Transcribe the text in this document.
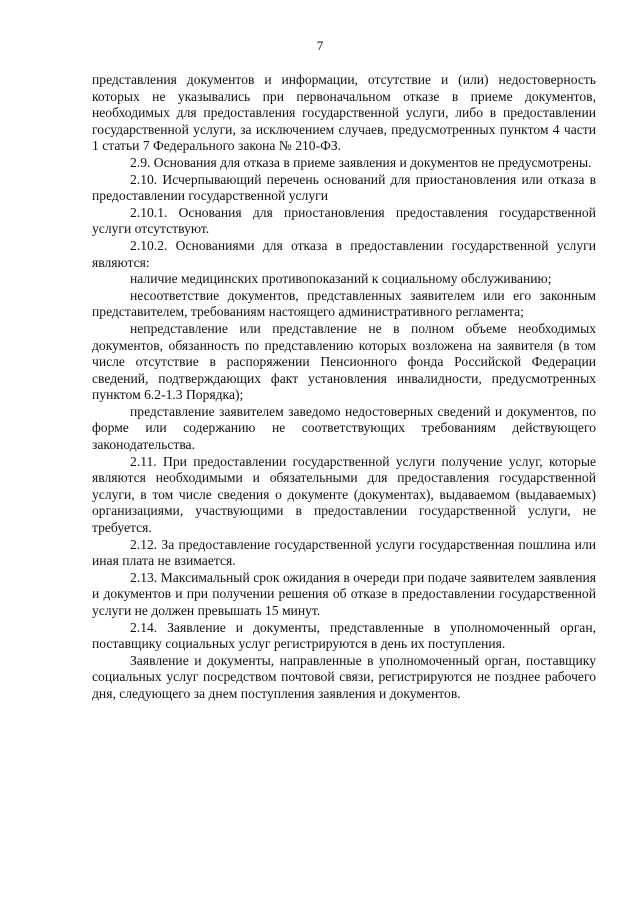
7

представления документов и информации, отсутствие и (или) недостоверность которых не указывались при первоначальном отказе в приеме документов, необходимых для предоставления государственной услуги, либо в предоставлении государственной услуги, за исключением случаев, предусмотренных пунктом 4 части 1 статьи 7 Федерального закона № 210-ФЗ.

2.9. Основания для отказа в приеме заявления и документов не предусмотрены.

2.10. Исчерпывающий перечень оснований для приостановления или отказа в предоставлении государственной услуги

2.10.1. Основания для приостановления предоставления государственной услуги отсутствуют.

2.10.2. Основаниями для отказа в предоставлении государственной услуги являются:

наличие медицинских противопоказаний к социальному обслуживанию;

несоответствие документов, представленных заявителем или его законным представителем, требованиям настоящего административного регламента;

непредставление или представление не в полном объеме необходимых документов, обязанность по представлению которых возложена на заявителя (в том числе отсутствие в распоряжении Пенсионного фонда Российской Федерации сведений, подтверждающих факт установления инвалидности, предусмотренных пунктом 6.2-1.3 Порядка);

представление заявителем заведомо недостоверных сведений и документов, по форме или содержанию не соответствующих требованиям действующего законодательства.

2.11. При предоставлении государственной услуги получение услуг, которые являются необходимыми и обязательными для предоставления государственной услуги, в том числе сведения о документе (документах), выдаваемом (выдаваемых) организациями, участвующими в предоставлении государственной услуги, не требуется.

2.12. За предоставление государственной услуги государственная пошлина или иная плата не взимается.

2.13. Максимальный срок ожидания в очереди при подаче заявителем заявления и документов и при получении решения об отказе в предоставлении государственной услуги не должен превышать 15 минут.

2.14. Заявление и документы, представленные в уполномоченный орган, поставщику социальных услуг регистрируются в день их поступления.

Заявление и документы, направленные в уполномоченный орган, поставщику социальных услуг посредством почтовой связи, регистрируются не позднее рабочего дня, следующего за днем поступления заявления и документов.
